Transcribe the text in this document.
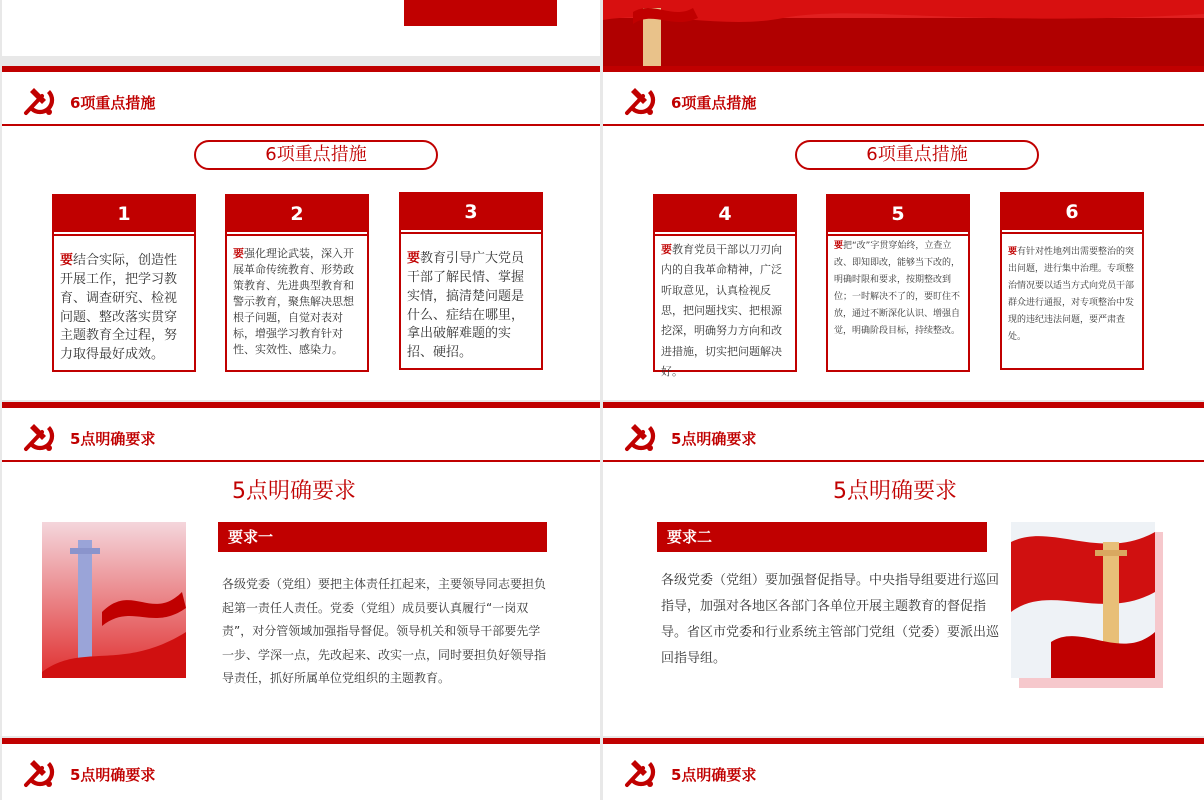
6项重点措施
6项重点措施
1
要结合实际，创造性开展工作，把学习教育、调查研究、检视问题、整改落实贯穿主题教育全过程，努力取得最好成效。
2
要强化理论武装，深入开展革命传统教育、形势政策教育、先进典型教育和警示教育，聚焦解决思想根子问题，自觉对表对标，增强学习教育针对性、实效性、感染力。
3
要教育引导广大党员干部了解民情、掌握实情，搞清楚问题是什么、症结在哪里，拿出破解难题的实招、硬招。
6项重点措施
6项重点措施
4
要教育党员干部以刀刃向内的自我革命精神，广泛听取意见，认真检视反思，把问题找实、把根源挖深，明确努力方向和改进措施，切实把问题解决好。
5
要把“改”字贯穿始终，立查立改、即知即改，能够当下改的，明确时限和要求，按期整改到位；一时解决不了的，要盯住不放，通过不断深化认识、增强自觉，明确阶段目标，持续整改。
6
要有针对性地列出需要整治的突出问题，进行集中治理。专项整治情况要以适当方式向党员干部群众进行通报，对专项整治中发现的违纪违法问题，要严肃查处。
5点明确要求
5点明确要求
要求一
各级党委（党组）要把主体责任扛起来，主要领导同志要担负起第一责任人责任。党委（党组）成员要认真履行“一岗双责”，对分管领域加强指导督促。领导机关和领导干部要先学一步、学深一点，先改起来、改实一点，同时要担负好领导指导责任，抓好所属单位党组织的主题教育。
5点明确要求
5点明确要求
要求二
各级党委（党组）要加强督促指导。中央指导组要进行巡回指导，加强对各地区各部门各单位开展主题教育的督促指导。省区市党委和行业系统主管部门党组（党委）要派出巡回指导组。
5点明确要求	5点明确要求
